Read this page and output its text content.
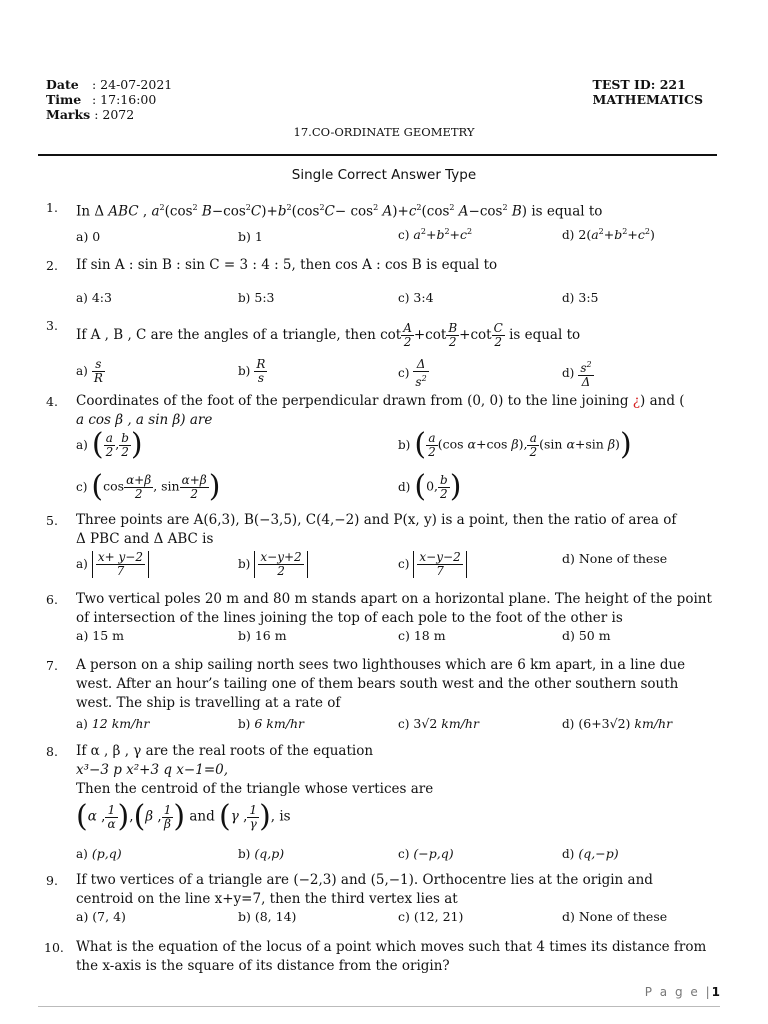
Date : 24-07-2021
Time : 17:16:00
Marks : 2072
TEST ID: 221
MATHEMATICS
17.CO-ORDINATE GEOMETRY
Single Correct Answer Type
1. In Δ ABC , $a^2(\cos^2$ $B-\cos^2C)+b^2(\cos^2C- \cos^2 A)+c^2(\cos^2$ $A-\cos^2$ B) is equal to
a) 0	b) 1	c) $a^2+b^2+c^2$	d) $2(a^2+b^2+c^2)$
2. If sin A : sin B : sin C = 3 : 4 : 5, then cos A : cos B is equal to
a) 4:3	b) 5:3	c) 3:4	d) 3:5
3.
If A , B , C are the angles of a triangle, then $\cot \frac{A}{2} +\cot \frac{B}{2} +\cot \frac{C}{2}$ is equal to
$a) \frac{s}{R}$	$b) \frac{R}{s}$	$c) \frac{\Delta}{s^2}$	$d) \frac{s^2}{\Delta}$
4. Coordinates of the foot of the perpendicular drawn from (0, 0) to the line joining ¿) and (
a cos β , a sin β) are
a) ( $\frac{a}{2}$ , $\frac{b}{2}$ )	b) ( $\frac{a}{2} (\cos$ α+cos β), $\frac{a}{2} (\sin$ α+sin β))
c) ($\cos \frac{\alpha+\beta}{2}$ , $\sin \frac{\alpha+\beta}{2}$ )	d) (0, $\frac{b}{2}$ )
5. Three points are A(6,3), B(−3,5), C(4,−2) and P(x, y) is a point, then the ratio of area of
Δ PBC and Δ ABC is
$a) \frac{x+ y-2}{7}$	$b) \frac{x-y+2}{2}$	$c) \frac{x-y-2}{7}$	d) None of these
6. Two vertical poles 20 m and 80 m stands apart on a horizontal plane. The height of the point of intersection of the lines joining the top of each pole to the foot of the other is
a) 15 m	b) 16 m	c) 18 m	d) 50 m
7. A person on a ship sailing north sees two lighthouses which are 6 km apart, in a line due west. After an hour’s tailing one of them bears south west and the other southern south west. The ship is travelling at a rate of
a) 12 km/hr	b) 6 km/hr	c) 3√2 km/hr	d) (6+3√2) km/hr
8. If α , β , γ are the real roots of the equation
x³−3 p x²+3 q x−1=0,
Then the centroid of the triangle whose vertices are
(α , $\frac{1}{\alpha} ),(\beta$ , $\frac{1}{\beta}$ ) and (γ , $\frac{1}{\gamma}$ ), is
a) (p,q)	b) (q,p)	c) (−p,q)	d) (q,−p)
9. If two vertices of a triangle are (−2,3) and (5,−1). Orthocentre lies at the origin and centroid on the line x+y=7, then the third vertex lies at
a) (7, 4)	b) (8, 14)	c) (12, 21)	d) None of these
10. What is the equation of the locus of a point which moves such that 4 times its distance from the x-axis is the square of its distance from the origin?
P a g e |1
